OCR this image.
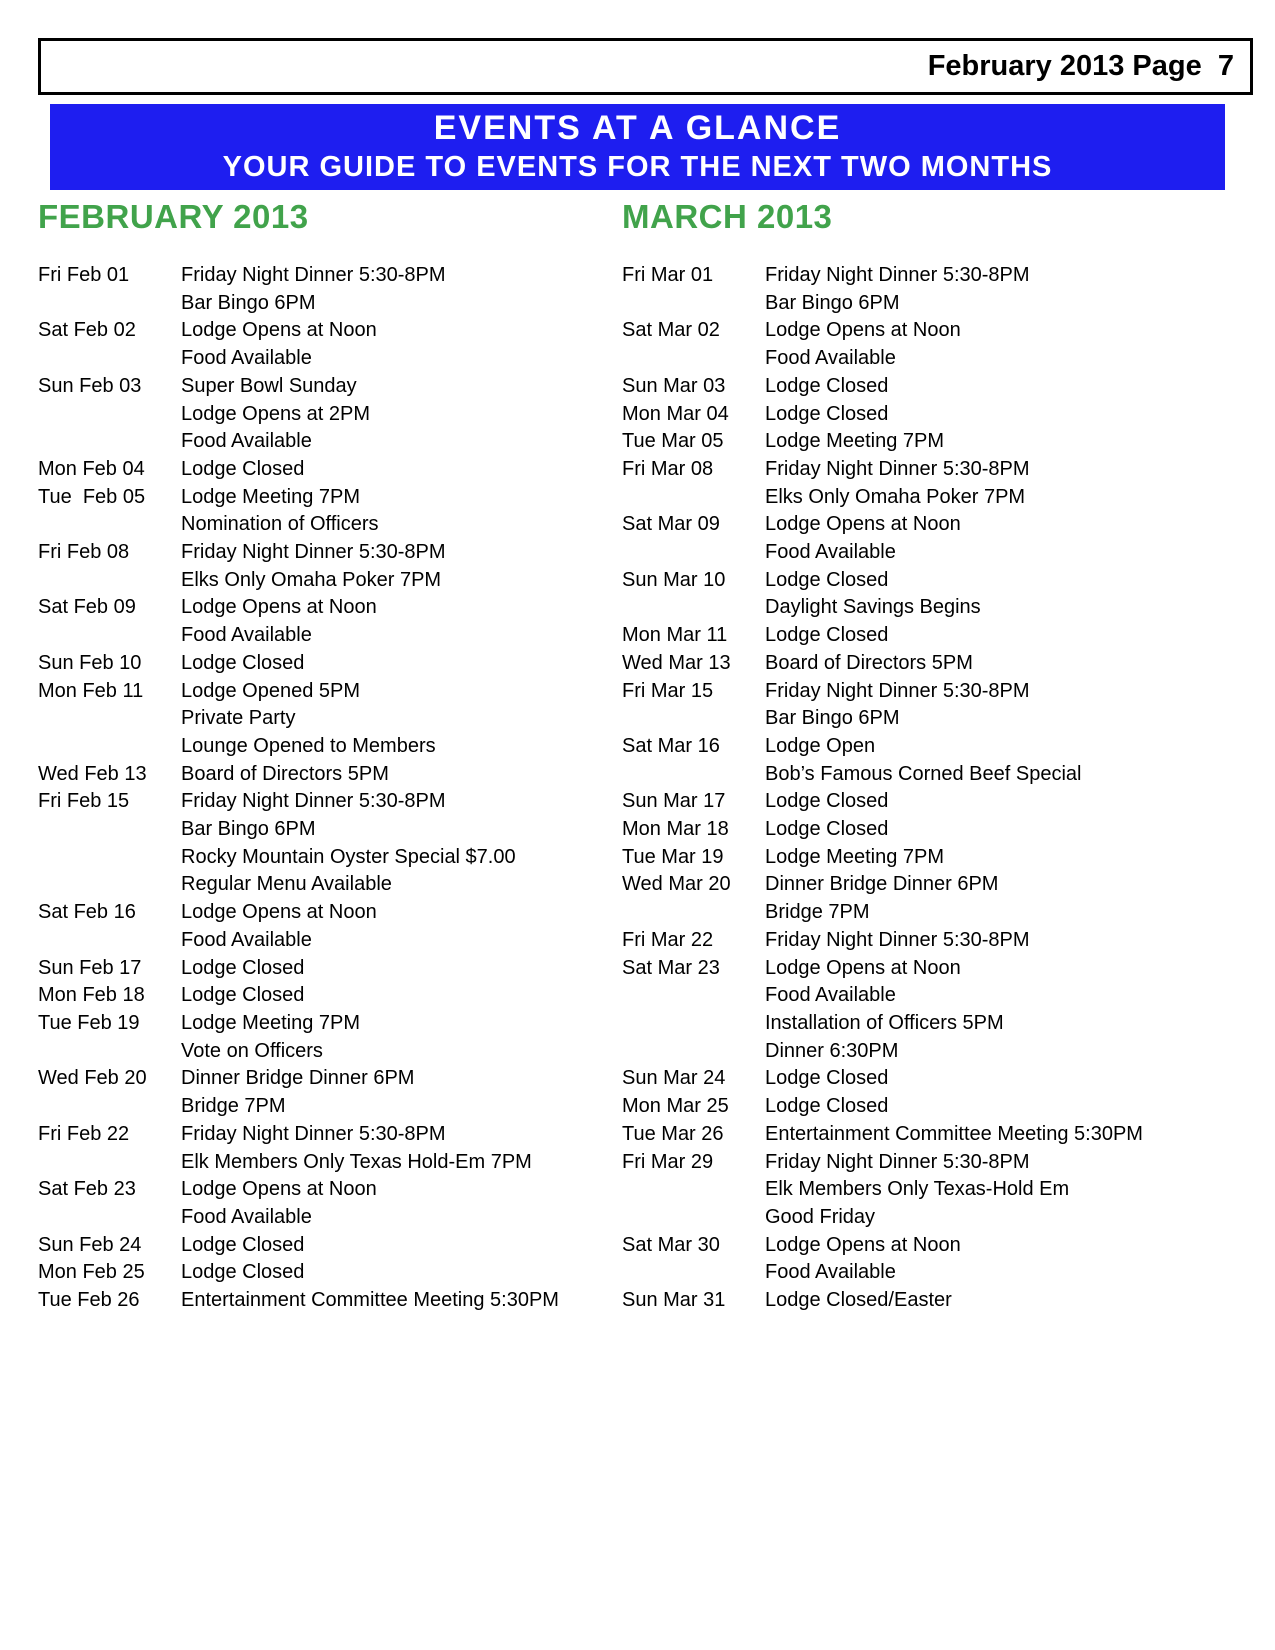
February 2013 Page  7
EVENTS AT A GLANCE
YOUR GUIDE TO EVENTS FOR THE NEXT TWO MONTHS
FEBRUARY 2013
Fri Feb 01	Friday Night Dinner 5:30-8PM
Bar Bingo 6PM
Sat Feb 02	Lodge Opens at Noon
Food Available
Sun Feb 03	Super Bowl Sunday
Lodge Opens at 2PM
Food Available
Mon Feb 04	Lodge Closed
Tue  Feb 05	Lodge Meeting 7PM
Nomination of Officers
Fri Feb 08	Friday Night Dinner 5:30-8PM
Elks Only Omaha Poker 7PM
Sat Feb 09	Lodge Opens at Noon
Food Available
Sun Feb 10	Lodge Closed
Mon Feb 11	Lodge Opened 5PM
Private Party
Lounge Opened to Members
Wed Feb 13	Board of Directors 5PM
Fri Feb 15	Friday Night Dinner 5:30-8PM
Bar Bingo 6PM
Rocky Mountain Oyster Special $7.00
Regular Menu Available
Sat Feb 16	Lodge Opens at Noon
Food Available
Sun Feb 17	Lodge Closed
Mon Feb 18	Lodge Closed
Tue Feb 19	Lodge Meeting 7PM
Vote on Officers
Wed Feb 20	Dinner Bridge Dinner 6PM
Bridge 7PM
Fri Feb 22	Friday Night Dinner 5:30-8PM
Elk Members Only Texas Hold-Em 7PM
Sat Feb 23	Lodge Opens at Noon
Food Available
Sun Feb 24	Lodge Closed
Mon Feb 25	Lodge Closed
Tue Feb 26	Entertainment Committee Meeting 5:30PM
MARCH 2013
Fri Mar 01	Friday Night Dinner 5:30-8PM
Bar Bingo 6PM
Sat Mar 02	Lodge Opens at Noon
Food Available
Sun Mar 03	Lodge Closed
Mon Mar 04	Lodge Closed
Tue Mar 05	Lodge Meeting 7PM
Fri Mar 08	Friday Night Dinner 5:30-8PM
Elks Only Omaha Poker 7PM
Sat Mar 09	Lodge Opens at Noon
Food Available
Sun Mar 10	Lodge Closed
Daylight Savings Begins
Mon Mar 11	Lodge Closed
Wed Mar 13	Board of Directors 5PM
Fri Mar 15	Friday Night Dinner 5:30-8PM
Bar Bingo 6PM
Sat Mar 16	Lodge Open
Bob’s Famous Corned Beef Special
Sun Mar 17	Lodge Closed
Mon Mar 18	Lodge Closed
Tue Mar 19	Lodge Meeting 7PM
Wed Mar 20	Dinner Bridge Dinner 6PM
Bridge 7PM
Fri Mar 22	Friday Night Dinner 5:30-8PM
Sat Mar 23	Lodge Opens at Noon
Food Available
Installation of Officers 5PM
Dinner 6:30PM
Sun Mar 24	Lodge Closed
Mon Mar 25	Lodge Closed
Tue Mar 26	Entertainment Committee Meeting 5:30PM
Fri Mar 29	Friday Night Dinner 5:30-8PM
Elk Members Only Texas-Hold Em
Good Friday
Sat Mar 30	Lodge Opens at Noon
Food Available
Sun Mar 31	Lodge Closed/Easter
